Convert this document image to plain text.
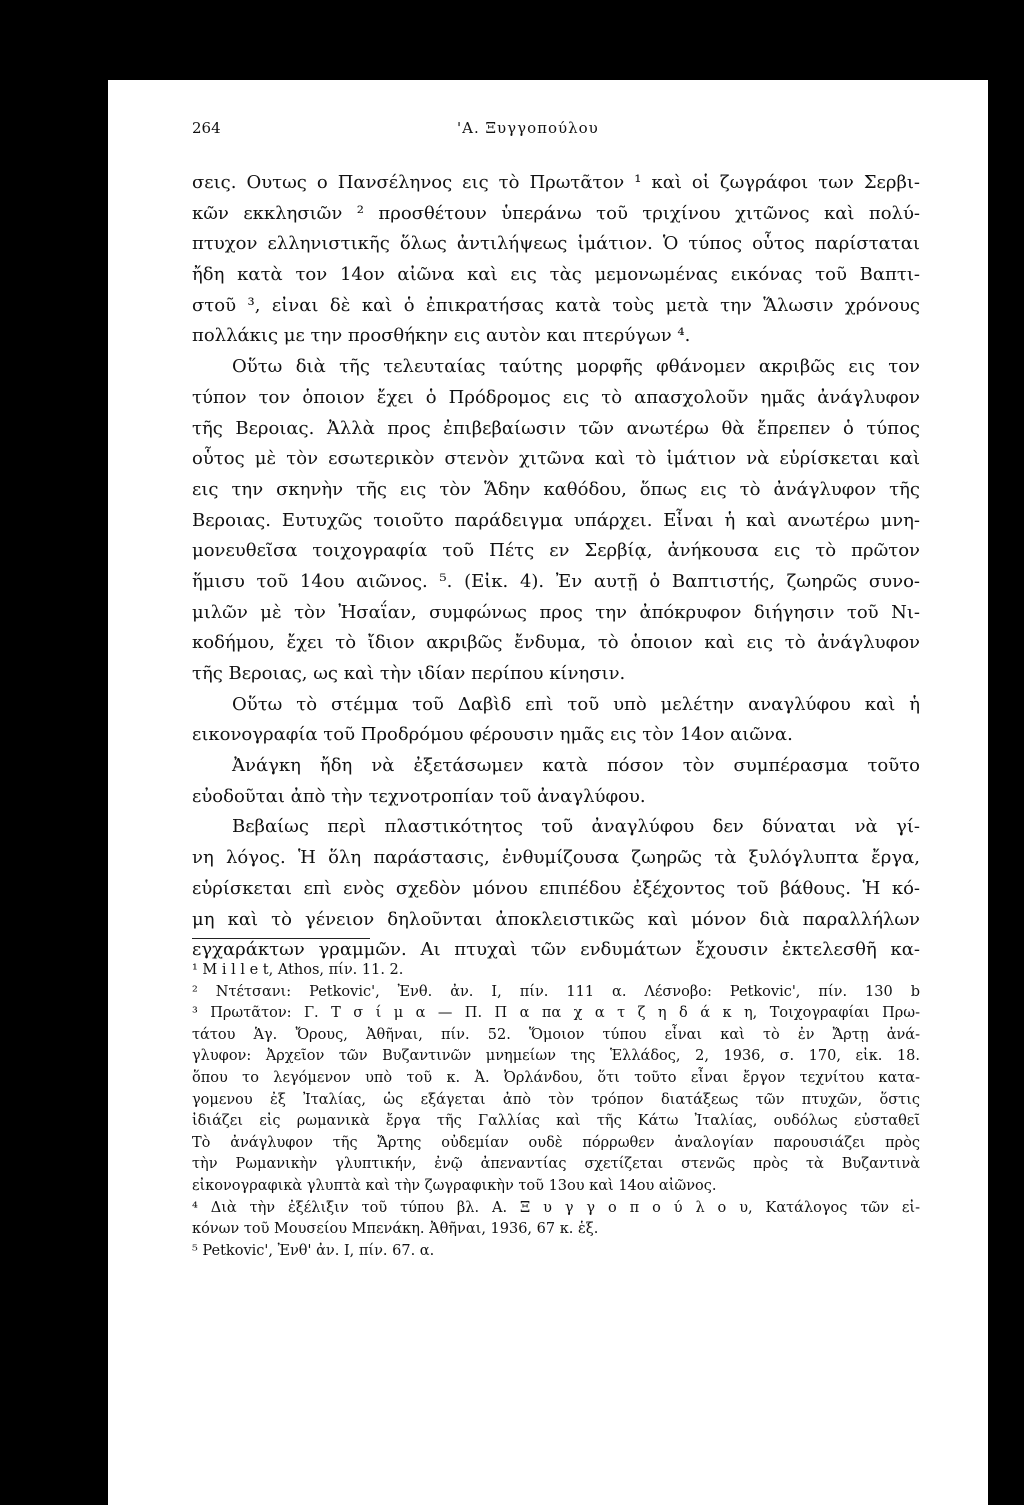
264	'Α. Ξυγγοπούλου
σεις. Ουτως ο Πανσέληνος εις τὸ Πρωτᾶτον ¹ καὶ οἱ ζωγράφοι των Σερβι-
κῶν εκκλησιῶν ² προσθέτουν ὑπεράνω τοῦ τριχίνου χιτῶνος καὶ πολύ-
πτυχον ελληνιστικῆς ὅλως ἀντιλήψεως ἱμάτιον. Ὁ τύπος οὗτος παρίσταται
ἤδη κατὰ τον 14ον αἰῶνα καὶ εις τὰς μεμονωμένας εικόνας τοῦ Βαπτι-
στοῦ ³, εἰναι δὲ καὶ ὁ ἐπικρατήσας κατὰ τοὺς μετὰ την Ἅλωσιν χρόνους
πολλάκις με την προσθήκην εις αυτὸν και πτερύγων ⁴.
Οὕτω διὰ τῆς τελευταίας ταύτης μορφῆς φθάνομεν ακριβῶς εις τον
τύπον τον ὁποιον ἔχει ὁ Πρόδρομος εις τὸ απασχολοῦν ημᾶς ἀνάγλυφον
τῆς Βεροιας. Ἀλλὰ προς ἐπιβεβαίωσιν τῶν ανωτέρω θὰ ἔπρεπεν ὁ τύπος
οὗτος μὲ τὸν εσωτερικὸν στενὸν χιτῶνα καὶ τὸ ἱμάτιον νὰ εὑρίσκεται καὶ
εις την σκηνὴν τῆς εις τὸν Ἅδην καθόδου, ὅπως εις τὸ ἀνάγλυφον τῆς
Βεροιας. Ευτυχῶς τοιοῦτο παράδειγμα υπάρχει. Εἶναι ἡ καὶ ανωτέρω μνη-
μονευθεῖσα τοιχογραφία τοῦ Πέτς εν Σερβίᾳ, ἀνήκουσα εις τὸ πρῶτον
ἥμισυ τοῦ 14ου αιῶνος. ⁵. (Εἰκ. 4). Ἐν αυτῇ ὁ Βαπτιστής, ζωηρῶς συνο-
μιλῶν μὲ τὸν Ἠσαΐαν, συμφώνως προς την ἀπόκρυφον διήγησιν τοῦ Νι-
κοδήμου, ἔχει τὸ ἴδιον ακριβῶς ἔνδυμα, τὸ ὁποιον καὶ εις τὸ ἀνάγλυφον
τῆς Βεροιας, ως καὶ τὴν ιδίαν περίπου κίνησιν.
Οὕτω τὸ στέμμα τοῦ Δαβὶδ επὶ τοῦ υπὸ μελέτην αναγλύφου καὶ ἡ
εικονογραφία τοῦ Προδρόμου φέρουσιν ημᾶς εις τὸν 14ον αιῶνα.
Ἀνάγκη ἤδη νὰ ἐξετάσωμεν κατὰ πόσον τὸν συμπέρασμα τοῦτο
εὐοδοῦται ἀπὸ τὴν τεχνοτροπίαν τοῦ ἀναγλύφου.
Βεβαίως περὶ πλαστικότητος τοῦ ἀναγλύφου δεν δύναται νὰ γί-
νη λόγος. Ἡ ὅλη παράστασις, ἐνθυμίζουσα ζωηρῶς τὰ ξυλόγλυπτα ἔργα,
εὑρίσκεται επὶ ενὸς σχεδὸν μόνου επιπέδου ἐξέχοντος τοῦ βάθους. Ἡ κό-
μη καὶ τὸ γένειον δηλοῦνται ἀποκλειστικῶς καὶ μόνον διὰ παραλλήλων
εγχαράκτων γραμμῶν. Αι πτυχαὶ τῶν ενδυμάτων ἔχουσιν ἐκτελεσθῆ κα-
¹ M i l l e t, Athos, πίν. 11. 2.
² Ντέτσανι: Petkovic', Ἐνθ. ἀν. I, πίν. 111 α. Λέσνοβο: Petkovic', πίν. 130 b
³ Πρωτᾶτον: Γ. Τ σ ί μ α — Π. Π α πα χ α τ ζ η δ ά κ η, Τοιχογραφίαι Πρω-
τάτου Ἁγ. Ὄρους, Ἀθῆναι, πίν. 52. Ὅμοιον τύπου εἶναι καὶ τὸ ἐν Ἄρτῃ ἀνά-
γλυφον: Ἀρχεῖον τῶν Βυζαντινῶν μνημείων της Ἑλλάδος, 2, 1936, σ. 170, εἰκ. 18.
ὅπου το λεγόμενον υπὸ τοῦ κ. Ἀ. Ὀρλάνδου, ὅτι τοῦτο εἶναι ἔργον τεχνίτου κατα-
γομενου ἐξ Ἰταλίας, ὡς εξάγεται ἀπὸ τὸν τρόπον διατάξεως τῶν πτυχῶν, ὅστις
ἰδιάζει εἰς ρωμανικὰ ἔργα τῆς Γαλλίας καὶ τῆς Κάτω Ἰταλίας, ουδόλως εὐσταθεῖ
Τὸ ἀνάγλυφον τῆς Ἄρτης οὐδεμίαν ουδὲ πόρρωθεν ἀναλογίαν παρουσιάζει πρὸς
τὴν Ρωμανικὴν γλυπτικήν, ἐνῷ ἀπεναντίας σχετίζεται στενῶς πρὸς τὰ Βυζαντινὰ
εἰκονογραφικὰ γλυπτὰ καὶ τὴν ζωγραφικὴν τοῦ 13ου καὶ 14ου αἰῶνος.
⁴ Διὰ τὴν ἐξέλιξιν τοῦ τύπου βλ. Α. Ξ υ γ γ ο π ο ύ λ ο υ, Κατάλογος τῶν εἰ-
κόνων τοῦ Μουσείου Μπενάκη. Ἀθῆναι, 1936, 67 κ. ἑξ.
⁵ Petkovic', Ἐνθ' ἀν. I, πίν. 67. α.
